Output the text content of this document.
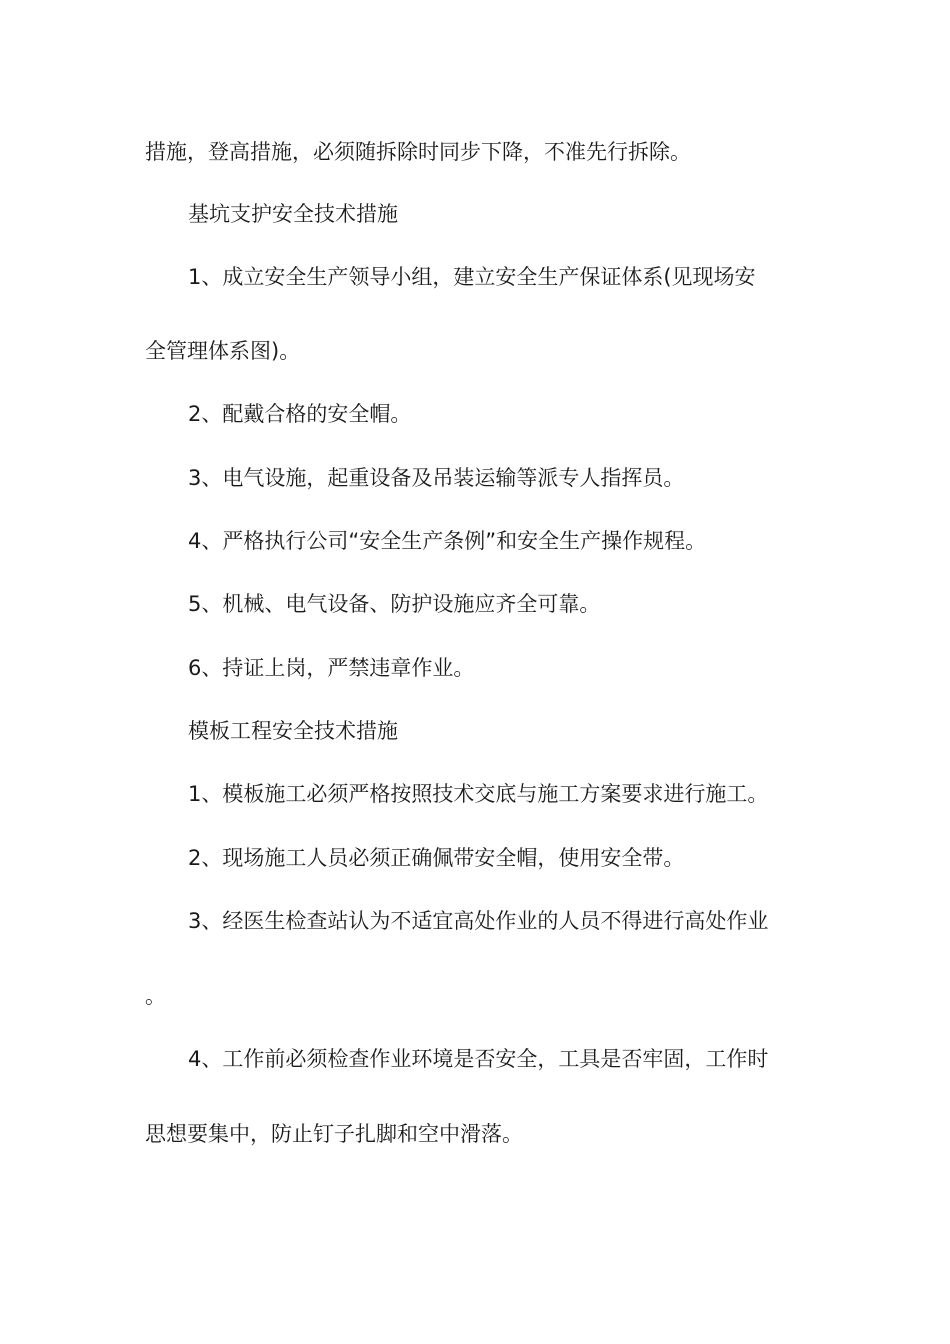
措施，登高措施，必须随拆除时同步下降，不准先行拆除。

基坑支护安全技术措施

1、成立安全生产领导小组，建立安全生产保证体系(见现场安

全管理体系图)。

2、配戴合格的安全帽。

3、电气设施，起重设备及吊装运输等派专人指挥员。

4、严格执行公司“安全生产条例”和安全生产操作规程。

5、机械、电气设备、防护设施应齐全可靠。

6、持证上岗，严禁违章作业。

模板工程安全技术措施

1、模板施工必须严格按照技术交底与施工方案要求进行施工。

2、现场施工人员必须正确佩带安全帽，使用安全带。

3、经医生检查站认为不适宜高处作业的人员不得进行高处作业

。

4、工作前必须检查作业环境是否安全，工具是否牢固，工作时

思想要集中，防止钉子扎脚和空中滑落。
